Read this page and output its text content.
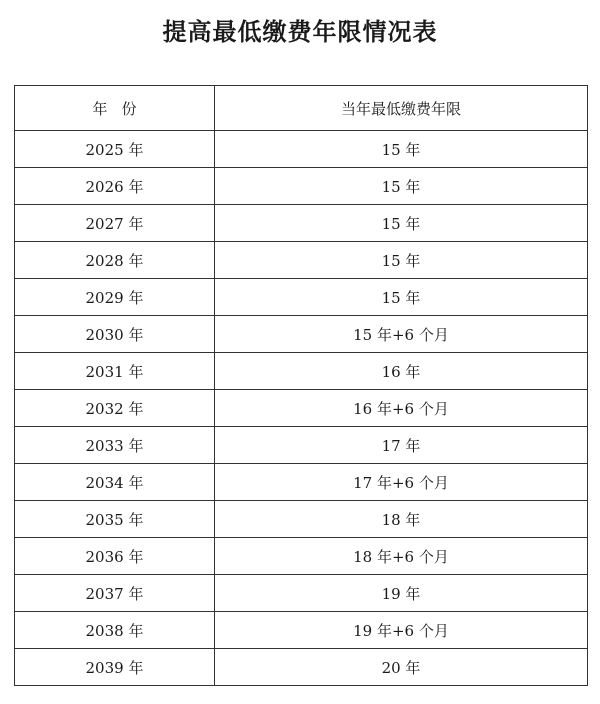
提高最低缴费年限情况表
年份	当年最低缴费年限
2025 年	15 年
2026 年	15 年
2027 年	15 年
2028 年	15 年
2029 年	15 年
2030 年	15 年+6 个月
2031 年	16 年
2032 年	16 年+6 个月
2033 年	17 年
2034 年	17 年+6 个月
2035 年	18 年
2036 年	18 年+6 个月
2037 年	19 年
2038 年	19 年+6 个月
2039 年	20 年
